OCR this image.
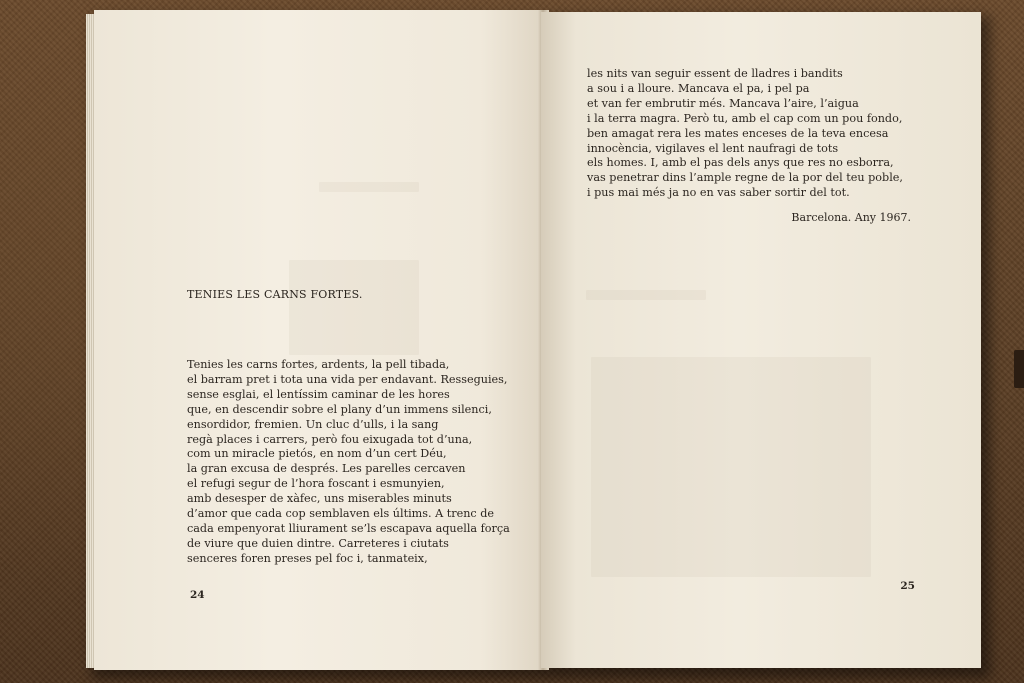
TENIES LES CARNS FORTES.
Tenies les carns fortes, ardents, la pell tibada,
el barram pret i tota una vida per endavant. Resseguies,
sense esglai, el lentíssim caminar de les hores
que, en descendir sobre el plany d’un immens silenci,
ensordidor, fremien. Un cluc d’ulls, i la sang
regà places i carrers, però fou eixugada tot d’una,
com un miracle pietós, en nom d’un cert Déu,
la gran excusa de després. Les parelles cercaven
el refugi segur de l’hora foscant i esmunyien,
amb desesper de xàfec, uns miserables minuts
d’amor que cada cop semblaven els últims. A trenc de
cada empenyorat lliurament se’ls escapava aquella força
de viure que duien dintre. Carreteres i ciutats
senceres foren preses pel foc i, tanmateix,
24
les nits van seguir essent de lladres i bandits
a sou i a lloure. Mancava el pa, i pel pa
et van fer embrutir més. Mancava l’aire, l’aigua
i la terra magra. Però tu, amb el cap com un pou fondo,
ben amagat rera les mates enceses de la teva encesa
innocència, vigilaves el lent naufragi de tots
els homes. I, amb el pas dels anys que res no esborra,
vas penetrar dins l’ample regne de la por del teu poble,
i pus mai més ja no en vas saber sortir del tot.
Barcelona. Any 1967.
25
